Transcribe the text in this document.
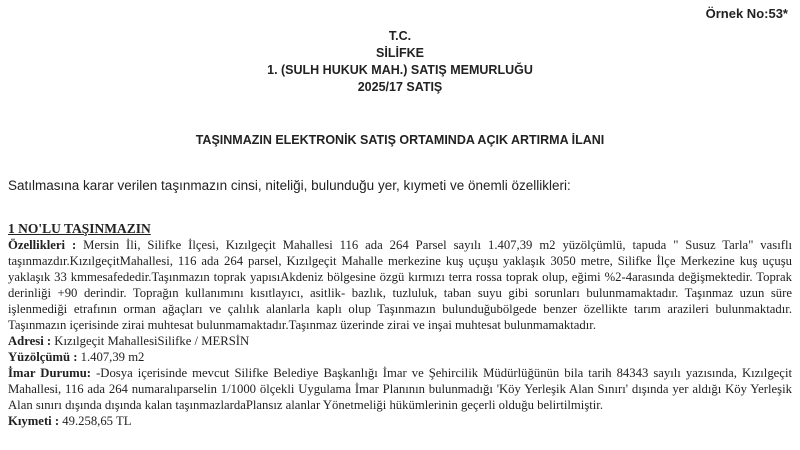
Örnek No:53*
T.C.
SİLİFKE
1. (SULH HUKUK MAH.) SATIŞ MEMURLUĞU
2025/17 SATIŞ
TAŞINMAZIN ELEKTRONİK SATIŞ ORTAMINDA AÇIK ARTIRMA İLANI
Satılmasına karar verilen taşınmazın cinsi, niteliği, bulunduğu yer, kıymeti ve önemli özellikleri:
1 NO'LU TAŞINMAZIN

Özellikleri : Mersin İli, Silifke İlçesi, Kızılgeçit Mahallesi 116 ada 264 Parsel sayılı 1.407,39 m2 yüzölçümlü, tapuda " Susuz Tarla" vasıflı taşınmazdır.KızılgeçitMahallesi, 116 ada 264 parsel, Kızılgeçit Mahalle merkezine kuş uçuşu yaklaşık 3050 metre, Silifke İlçe Merkezine kuş uçuşu yaklaşık 33 kmmesafededir.Taşınmazın toprak yapısıAkdeniz bölgesine özgü kırmızı terra rossa toprak olup, eğimi %2-4arasında değişmektedir. Toprak derinliği +90 derindir. Toprağın kullanımını kısıtlayıcı, asitlik- bazlık, tuzluluk, taban suyu gibi sorunları bulunmamaktadır. Taşınmaz uzun süre işlenmediği etrafının orman ağaçları ve çalılık alanlarla kaplı olup Taşınmazın bulunduğubölgede benzer özellikte tarım arazileri bulunmaktadır. Taşınmazın içerisinde zirai muhtesat bulunmamaktadır.Taşınmaz üzerinde zirai ve inşai muhtesat bulunmamaktadır.

Adresi : Kızılgeçit MahallesiSilifke / MERSİN

Yüzölçümü : 1.407,39 m2

İmar Durumu: -Dosya içerisinde mevcut Silifke Belediye Başkanlığı İmar ve Şehircilik Müdürlüğünün bila tarih 84343 sayılı yazısında, Kızılgeçit Mahallesi, 116 ada 264 numaralıparselin 1/1000 ölçekli Uygulama İmar Planının bulunmadığı 'Köy Yerleşik Alan Sınırı' dışında yer aldığı Köy Yerleşik Alan sınırı dışında dışında kalan taşınmazlardaPlansız alanlar Yönetmeliği hükümlerinin geçerli olduğu belirtilmiştir.

Kıymeti : 49.258,65 TL
